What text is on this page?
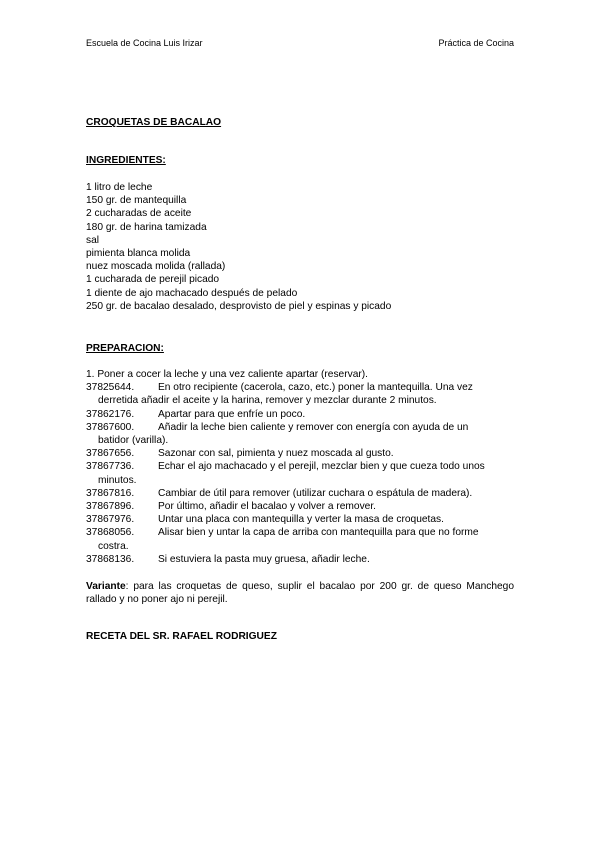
Escuela de Cocina Luis Irizar	Práctica de Cocina
CROQUETAS DE BACALAO
INGREDIENTES:
1 litro de leche
150 gr. de mantequilla
2 cucharadas de aceite
180 gr. de harina tamizada
sal
pimienta blanca molida
nuez moscada molida (rallada)
1 cucharada de perejil picado
1 diente de ajo machacado después de pelado
250 gr. de bacalao desalado, desprovisto de piel y espinas y picado
PREPARACION:
1. Poner a cocer la leche y una vez caliente apartar (reservar).
37825644. En otro recipiente (cacerola, cazo, etc.) poner la mantequilla. Una vez
derretida añadir el aceite y la harina, remover y mezclar durante 2 minutos.
37862176. Apartar para que enfríe un poco.
37867600. Añadir la leche bien caliente y remover con energía con ayuda de un
batidor (varilla).
37867656. Sazonar con sal, pimienta y nuez moscada al gusto.
37867736. Echar el ajo machacado y el perejil, mezclar bien y que cueza todo unos
minutos.
37867816. Cambiar de útil para remover (utilizar cuchara o espátula de madera).
37867896. Por último, añadir el bacalao y volver a remover.
37867976. Untar una placa con mantequilla y verter la masa de croquetas.
37868056. Alisar bien y untar la capa de arriba con mantequilla para que no forme
costra.
37868136. Si estuviera la pasta muy gruesa, añadir leche.
Variante: para las croquetas de queso, suplir el bacalao por 200 gr. de queso Manchego rallado y no poner ajo ni perejil.
RECETA DEL SR. RAFAEL RODRIGUEZ
